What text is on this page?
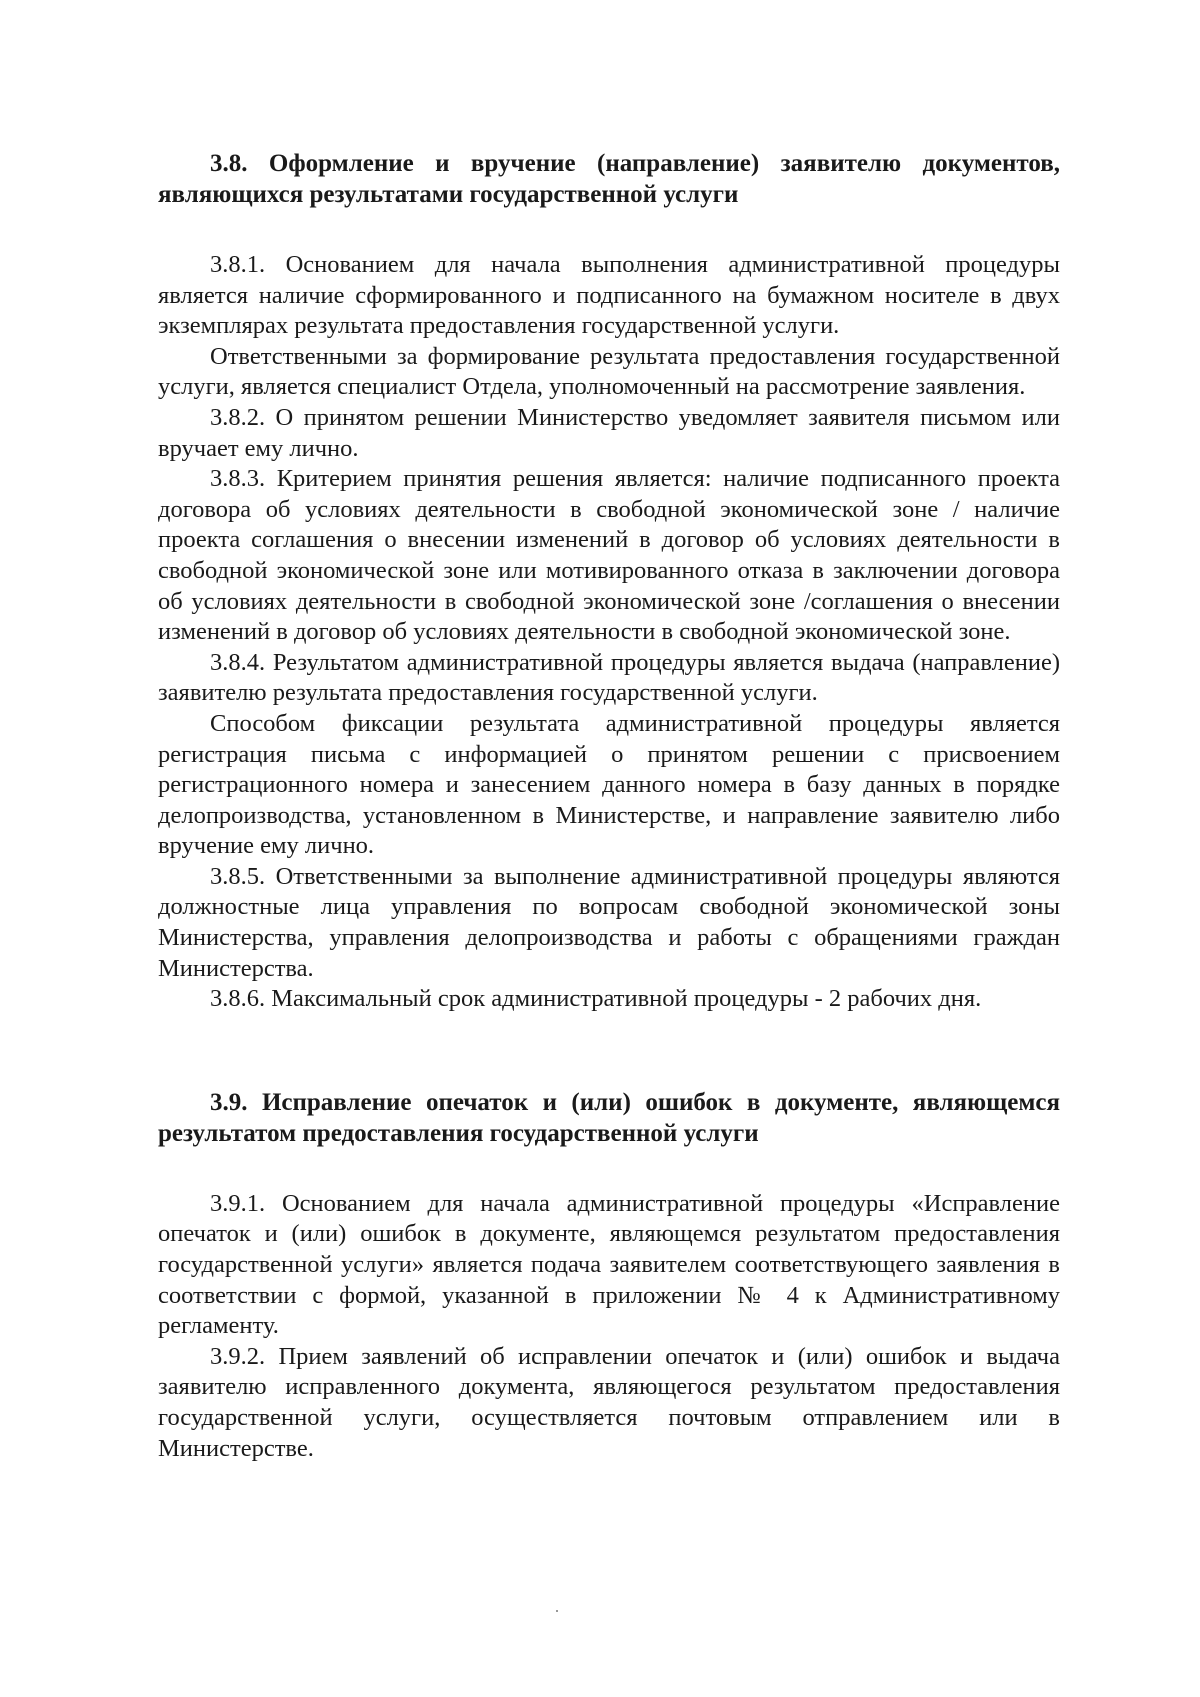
3.8. Оформление и вручение (направление) заявителю документов, являющихся результатами государственной услуги

3.8.1. Основанием для начала выполнения административной процедуры является наличие сформированного и подписанного на бумажном носителе в двух экземплярах результата предоставления государственной услуги.

Ответственными за формирование результата предоставления государственной услуги, является специалист Отдела, уполномоченный на рассмотрение заявления.

3.8.2. О принятом решении Министерство уведомляет заявителя письмом или вручает ему лично.

3.8.3. Критерием принятия решения является: наличие подписанного проекта договора об условиях деятельности в свободной экономической зоне / наличие проекта соглашения о внесении изменений в договор об условиях деятельности в свободной экономической зоне или мотивированного отказа в заключении договора об условиях деятельности в свободной экономической зоне /соглашения о внесении изменений в договор об условиях деятельности в свободной экономической зоне.

3.8.4. Результатом административной процедуры является выдача (направление) заявителю результата предоставления государственной услуги.

Способом фиксации результата административной процедуры является регистрация письма с информацией о принятом решении с присвоением регистрационного номера и занесением данного номера в базу данных в порядке делопроизводства, установленном в Министерстве, и направление заявителю либо вручение ему лично.

3.8.5. Ответственными за выполнение административной процедуры являются должностные лица управления по вопросам свободной экономической зоны Министерства, управления делопроизводства и работы с обращениями граждан Министерства.

3.8.6. Максимальный срок административной процедуры - 2 рабочих дня.

3.9. Исправление опечаток и (или) ошибок в документе, являющемся результатом предоставления государственной услуги

3.9.1. Основанием для начала административной процедуры «Исправление опечаток и (или) ошибок в документе, являющемся результатом предоставления государственной услуги» является подача заявителем соответствующего заявления в соответствии с формой, указанной в приложении № 4 к Административному регламенту.

3.9.2. Прием заявлений об исправлении опечаток и (или) ошибок и выдача заявителю исправленного документа, являющегося результатом предоставления государственной услуги, осуществляется почтовым отправлением или в Министерстве.
